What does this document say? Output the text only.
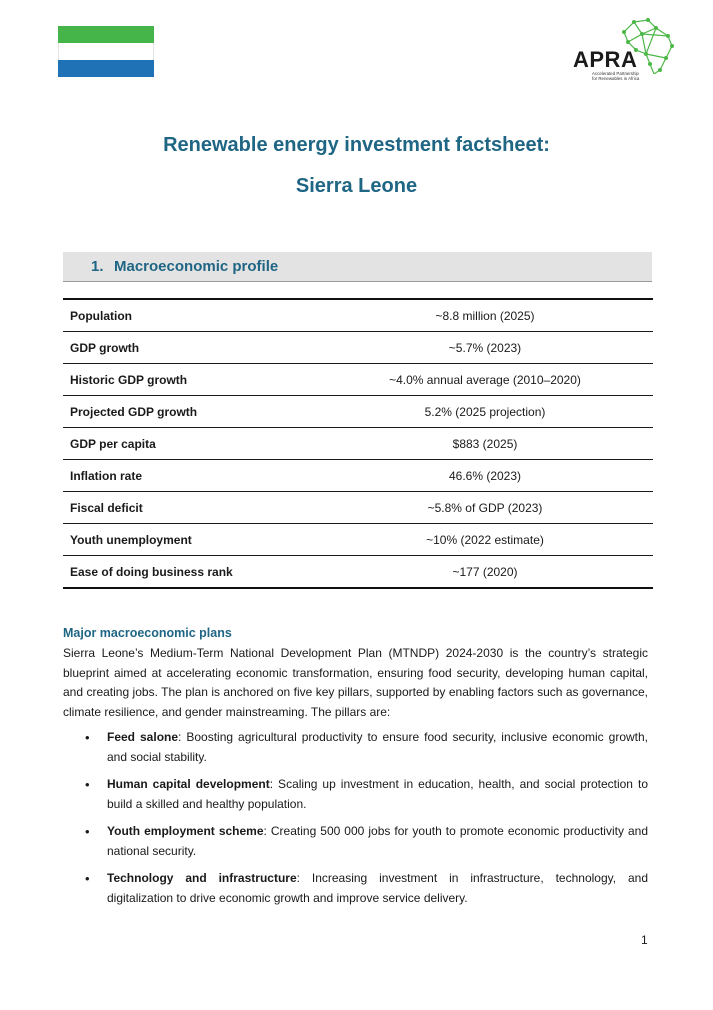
APRA
Accelerated Partnership
for Renewables in Africa
Renewable energy investment factsheet:
Sierra Leone
1. Macroeconomic profile
Population	~8.8 million (2025)
GDP growth	~5.7% (2023)
Historic GDP growth	~4.0% annual average (2010–2020)
Projected GDP growth	5.2% (2025 projection)
GDP per capita	$883 (2025)
Inflation rate	46.6% (2023)
Fiscal deficit	~5.8% of GDP (2023)
Youth unemployment	~10% (2022 estimate)
Ease of doing business rank	~177 (2020)
Major macroeconomic plans

Sierra Leone’s Medium-Term National Development Plan (MTNDP) 2024-2030 is the country’s strategic blueprint aimed at accelerating economic transformation, ensuring food security, developing human capital, and creating jobs. The plan is anchored on five key pillars, supported by enabling factors such as governance, climate resilience, and gender mainstreaming. The pillars are:

• Feed salone: Boosting agricultural productivity to ensure food security, inclusive economic growth, and social stability.
• Human capital development: Scaling up investment in education, health, and social protection to build a skilled and healthy population.
• Youth employment scheme: Creating 500 000 jobs for youth to promote economic productivity and national security.
• Technology and infrastructure: Increasing investment in infrastructure, technology, and digitalization to drive economic growth and improve service delivery.
1
